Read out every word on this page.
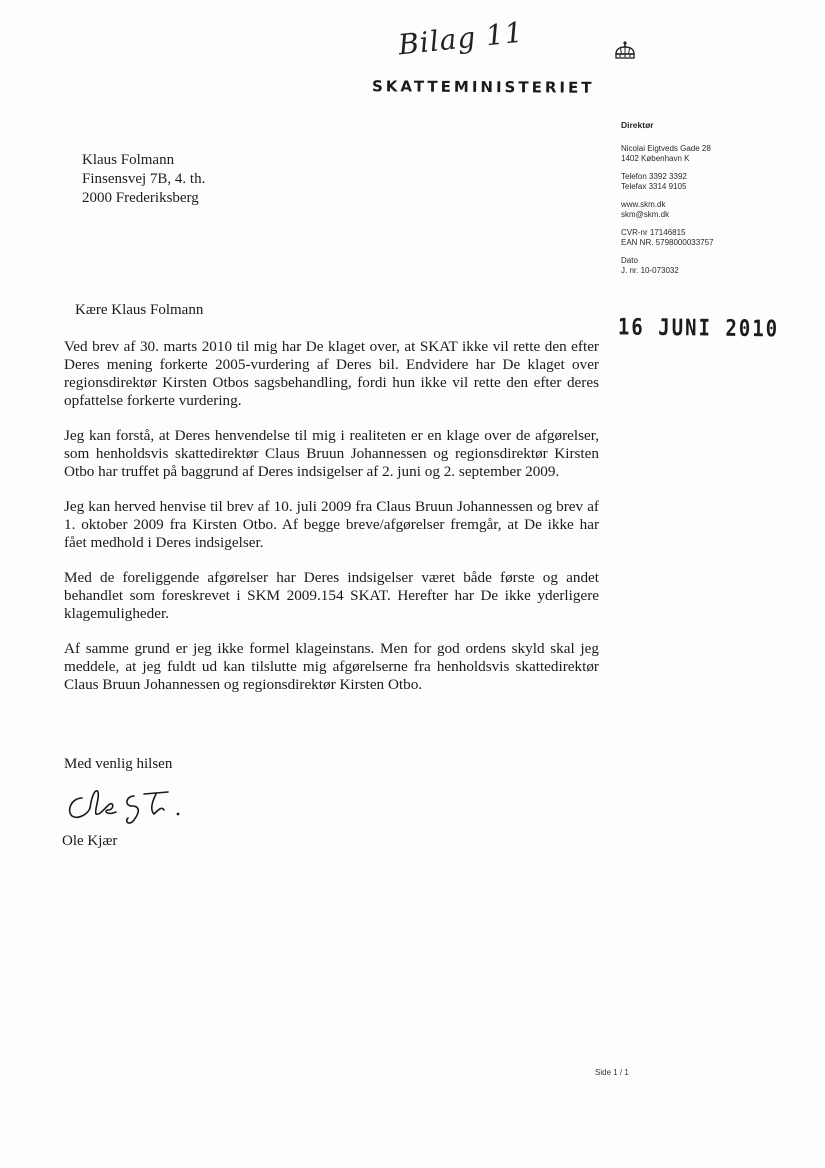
Bilag 11
SKATTEMINISTERIET
Direktør
Nicolai Eigtveds Gade 28
1402 København K
Telefon 3392 3392
Telefax 3314 9105
www.skm.dk
skm@skm.dk
CVR-nr 17146815
EAN NR. 5798000033757
Dato
J. nr. 10-073032
16 JUNI 2010
Klaus Folmann
Finsensvej 7B, 4. th.
2000 Frederiksberg
Kære Klaus Folmann

Ved brev af 30. marts 2010 til mig har De klaget over, at SKAT ikke vil rette den efter Deres mening forkerte 2005-vurdering af Deres bil. Endvidere har De klaget over regionsdirektør Kirsten Otbos sagsbehandling, fordi hun ikke vil rette den efter deres opfattelse forkerte vurdering.

Jeg kan forstå, at Deres henvendelse til mig i realiteten er en klage over de afgørelser, som henholdsvis skattedirektør Claus Bruun Johannessen og regionsdirektør Kirsten Otbo har truffet på baggrund af Deres indsigelser af 2. juni og 2. september 2009.

Jeg kan herved henvise til brev af 10. juli 2009 fra Claus Bruun Johannessen og brev af 1. oktober 2009 fra Kirsten Otbo. Af begge breve/afgørelser fremgår, at De ikke har fået medhold i Deres indsigelser.

Med de foreliggende afgørelser har Deres indsigelser været både første og andet behandlet som foreskrevet i SKM 2009.154 SKAT. Herefter har De ikke yderligere klagemuligheder.

Af samme grund er jeg ikke formel klageinstans. Men for god ordens skyld skal jeg meddele, at jeg fuldt ud kan tilslutte mig afgørelserne fra henholdsvis skattedirektør Claus Bruun Johannessen og regionsdirektør Kirsten Otbo.

Med venlig hilsen
Ole Kjær
Side 1 / 1
